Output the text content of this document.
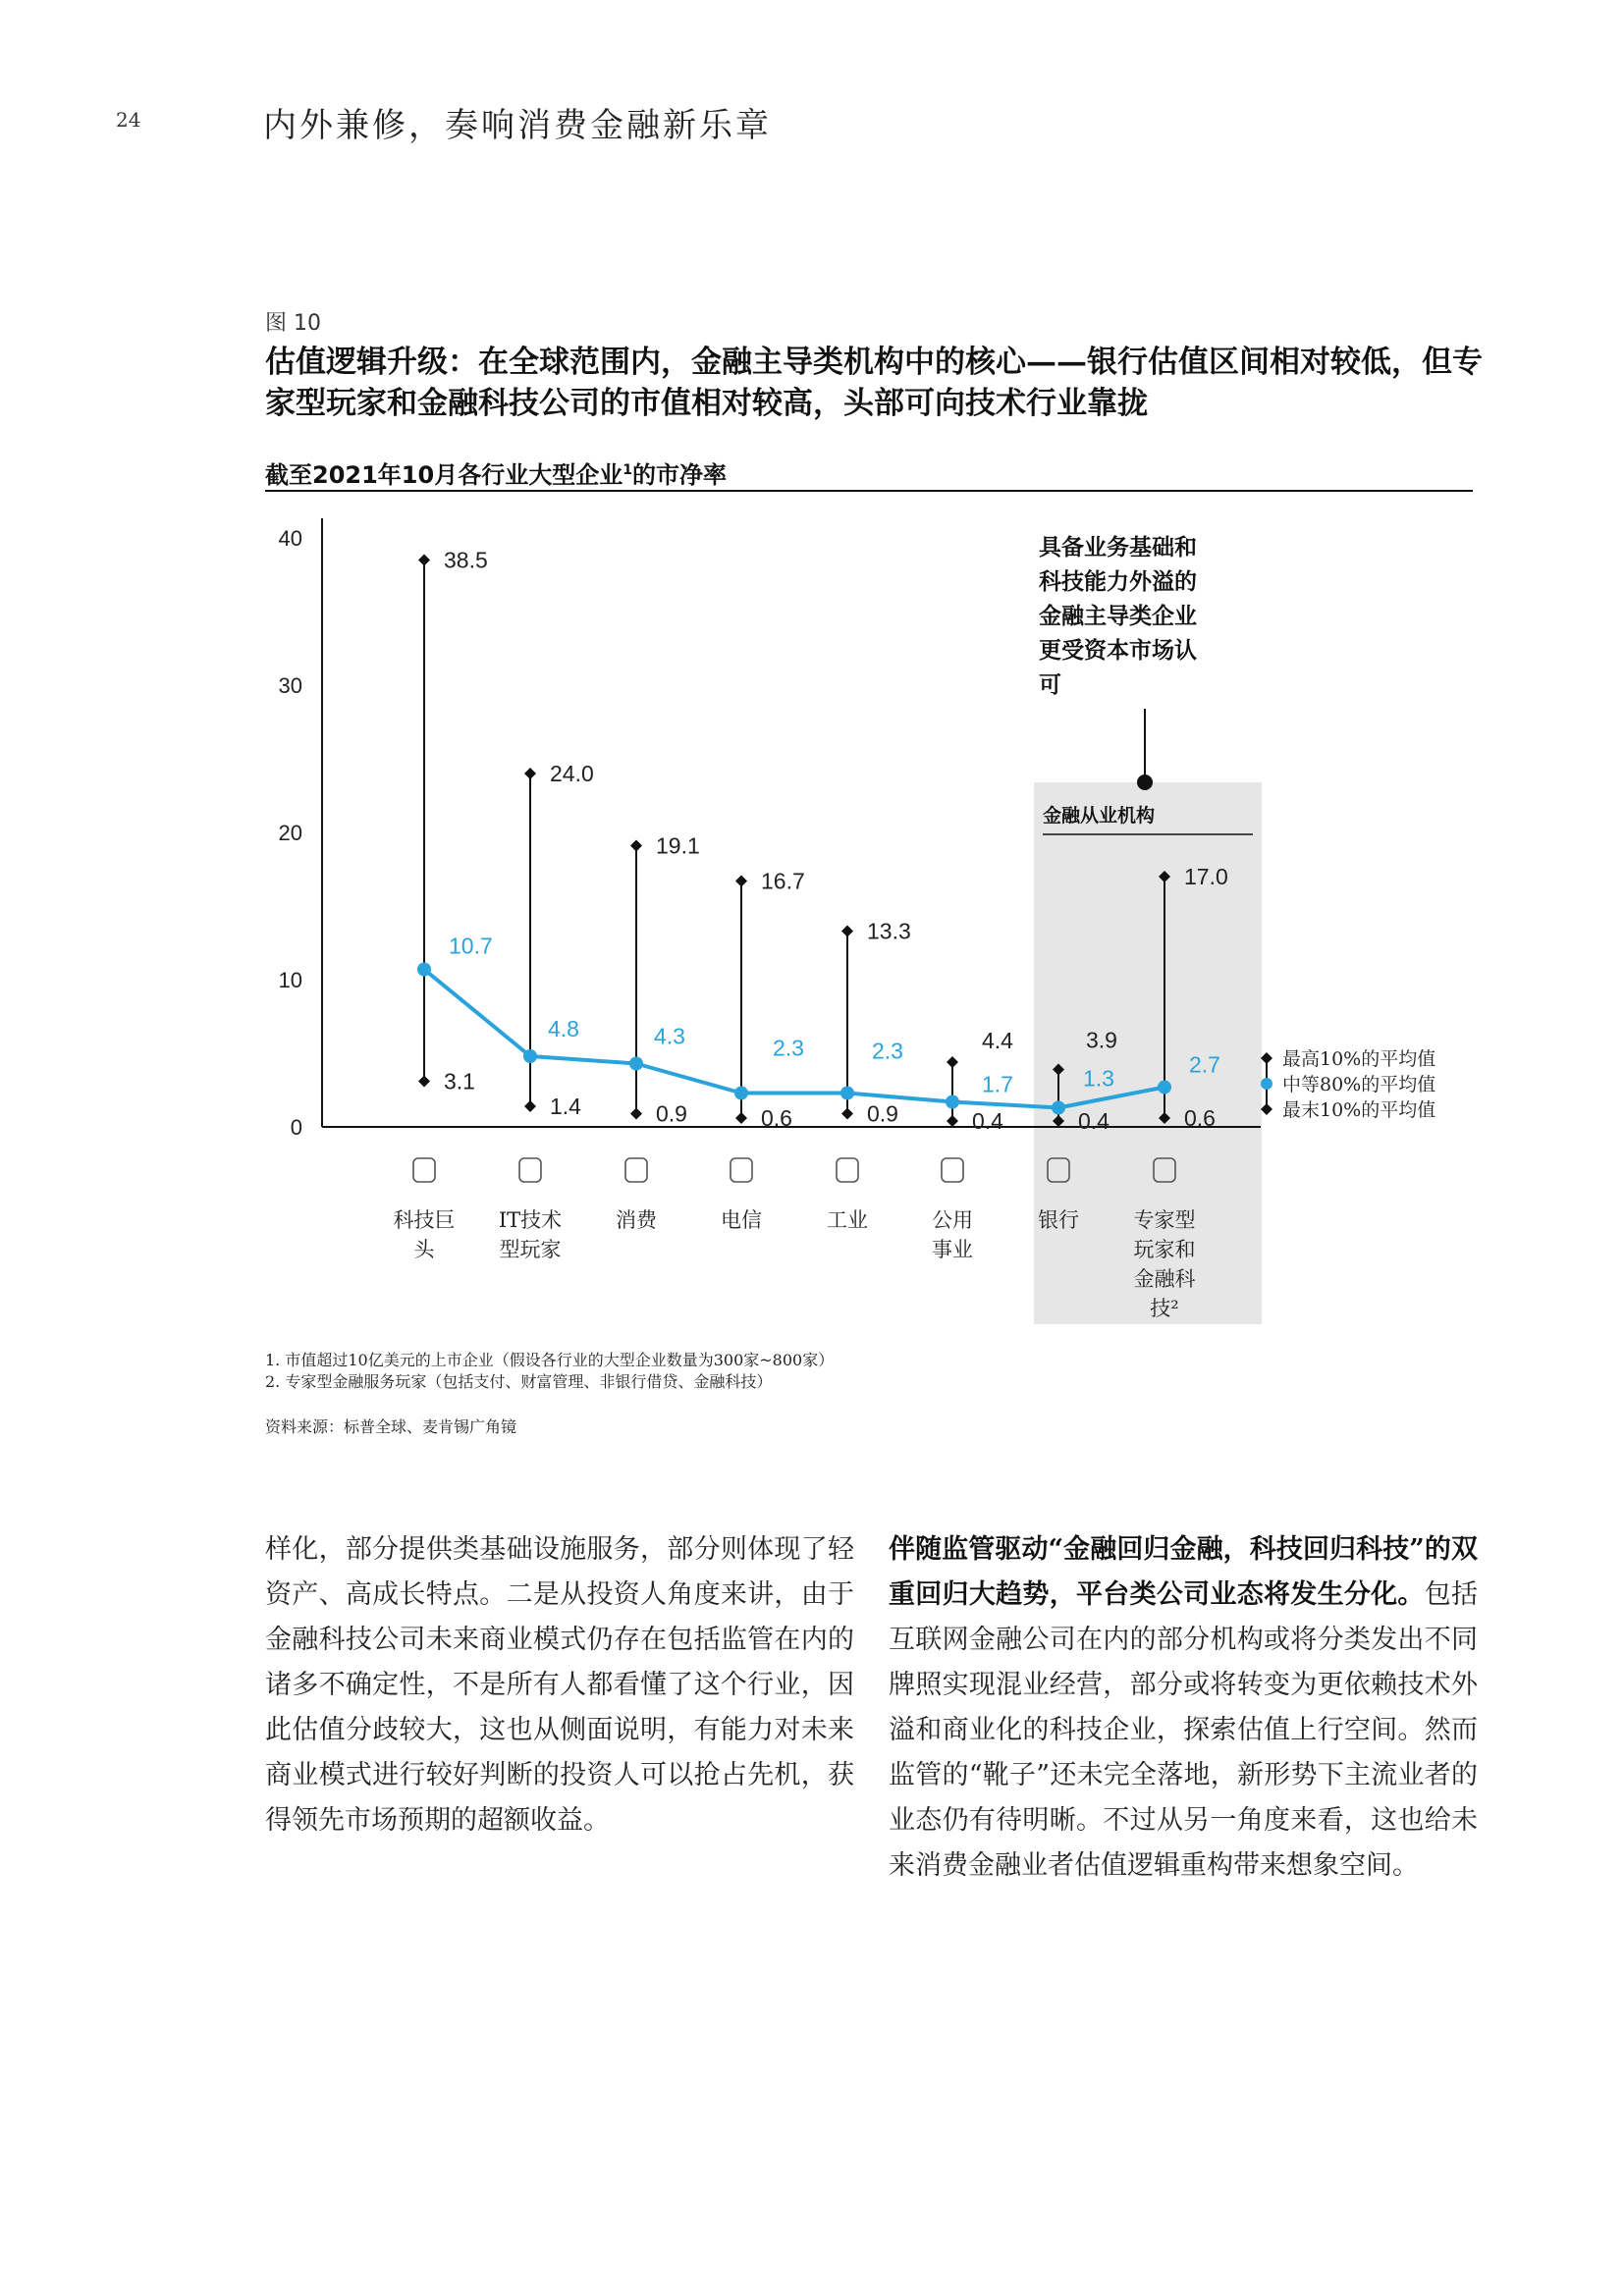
24	内外兼修，奏响消费金融新乐章
图 10
估值逻辑升级：在全球范围内，金融主导类机构中的核心——银行估值区间相对较低，但专家型玩家和金融科技公司的市值相对较高，头部可向技术行业靠拢
截至2021年10月各行业大型企业$^1$的市净率
金融从业机构
0
10
20
30
40
38.5
3.1
10.7
24.0
1.4
4.8
19.1
0.9
4.3
16.7
0.6
2.3
13.3
0.9
2.3	4.4
0.4
1.7
3.9
0.4
1.3
17.0
0.6
2.7
科技巨头
IT技术型玩家
消费	电信	工业	公用事业
银行	专家型玩家和金融科技²
具备业务基础和科技能力外溢的金融主导类企业更受资本市场认可
最高10%的平均值
中等80%的平均值
最末10%的平均值
1. 市值超过10亿美元的上市企业（假设各行业的大型企业数量为300家~800家）
2. 专家型金融服务玩家（包括支付、财富管理、非银行借贷、金融科技）
资料来源：标普全球、麦肯锡广角镜
样化，部分提供类基础设施服务，部分则体现了轻资产、高成长特点。二是从投资人角度来讲，由于金融科技公司未来商业模式仍存在包括监管在内的诸多不确定性，不是所有人都看懂了这个行业，因此估值分歧较大，这也从侧面说明，有能力对未来商业模式进行较好判断的投资人可以抢占先机，获得领先市场预期的超额收益。
伴随监管驱动“金融回归金融，科技回归科技”的双重回归大趋势，平台类公司业态将发生分化。包括互联网金融公司在内的部分机构或将分类发出不同牌照实现混业经营，部分或将转变为更依赖技术外溢和商业化的科技企业，探索估值上行空间。然而监管的“靴子”还未完全落地，新形势下主流业者的业态仍有待明晰。不过从另一角度来看，这也给未来消费金融业者估值逻辑重构带来想象空间。
